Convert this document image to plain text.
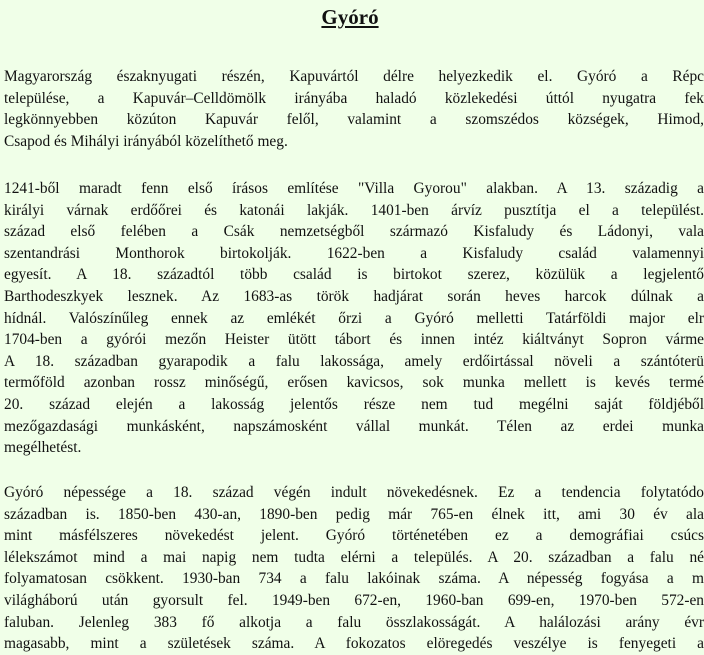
Gyóró

Magyarország északnyugati részén, Kapuvártól délre helyezkedik el. Gyóró a Répc
települése, a Kapuvár–Celldömölk irányába haladó közlekedési úttól nyugatra fek
legkönnyebben közúton Kapuvár felől, valamint a szomszédos községek, Himod,
Csapod és Mihályi irányából közelíthető meg.

1241-ből maradt fenn első írásos említése "Villa Gyorou" alakban. A 13. századig a
királyi várnak erdőőrei és katonái lakják. 1401-ben árvíz pusztítja el a települést.
század első felében a Csák nemzetségből származó Kisfaludy és Ládonyi, vala
szentandrási Monthorok birtokolják. 1622-ben a Kisfaludy család valamennyi
egyesít. A 18. századtól több család is birtokot szerez, közülük a legjelentő
Barthodeszkyek lesznek. Az 1683-as török hadjárat során heves harcok dúlnak a
hídnál. Valószínűleg ennek az emlékét őrzi a Gyóró melletti Tatárföldi major elr
1704-ben a gyórói mezőn Heister ütött tábort és innen intéz kiáltványt Sopron várme
A 18. században gyarapodik a falu lakossága, amely erdőirtással növeli a szántóterü
termőföld azonban rossz minőségű, erősen kavicsos, sok munka mellett is kevés termé
20. század elején a lakosság jelentős része nem tud megélni saját földjéből
mezőgazdasági munkásként, napszámosként vállal munkát. Télen az erdei munka
megélhetést.

Gyóró népessége a 18. század végén indult növekedésnek. Ez a tendencia folytatódo
században is. 1850-ben 430-an, 1890-ben pedig már 765-en élnek itt, ami 30 év ala
mint másfélszeres növekedést jelent. Gyóró történetében ez a demográfiai csúcs
lélekszámot mind a mai napig nem tudta elérni a település. A 20. században a falu né
folyamatosan csökkent. 1930-ban 734 a falu lakóinak száma. A népesség fogyása a m
világháború után gyorsult fel. 1949-ben 672-en, 1960-ban 699-en, 1970-ben 572-en
faluban. Jelenleg 383 fő alkotja a falu összlakosságát. A halálozási arány évr
magasabb, mint a születések száma. A fokozatos elöregedés veszélye is fenyegeti a
